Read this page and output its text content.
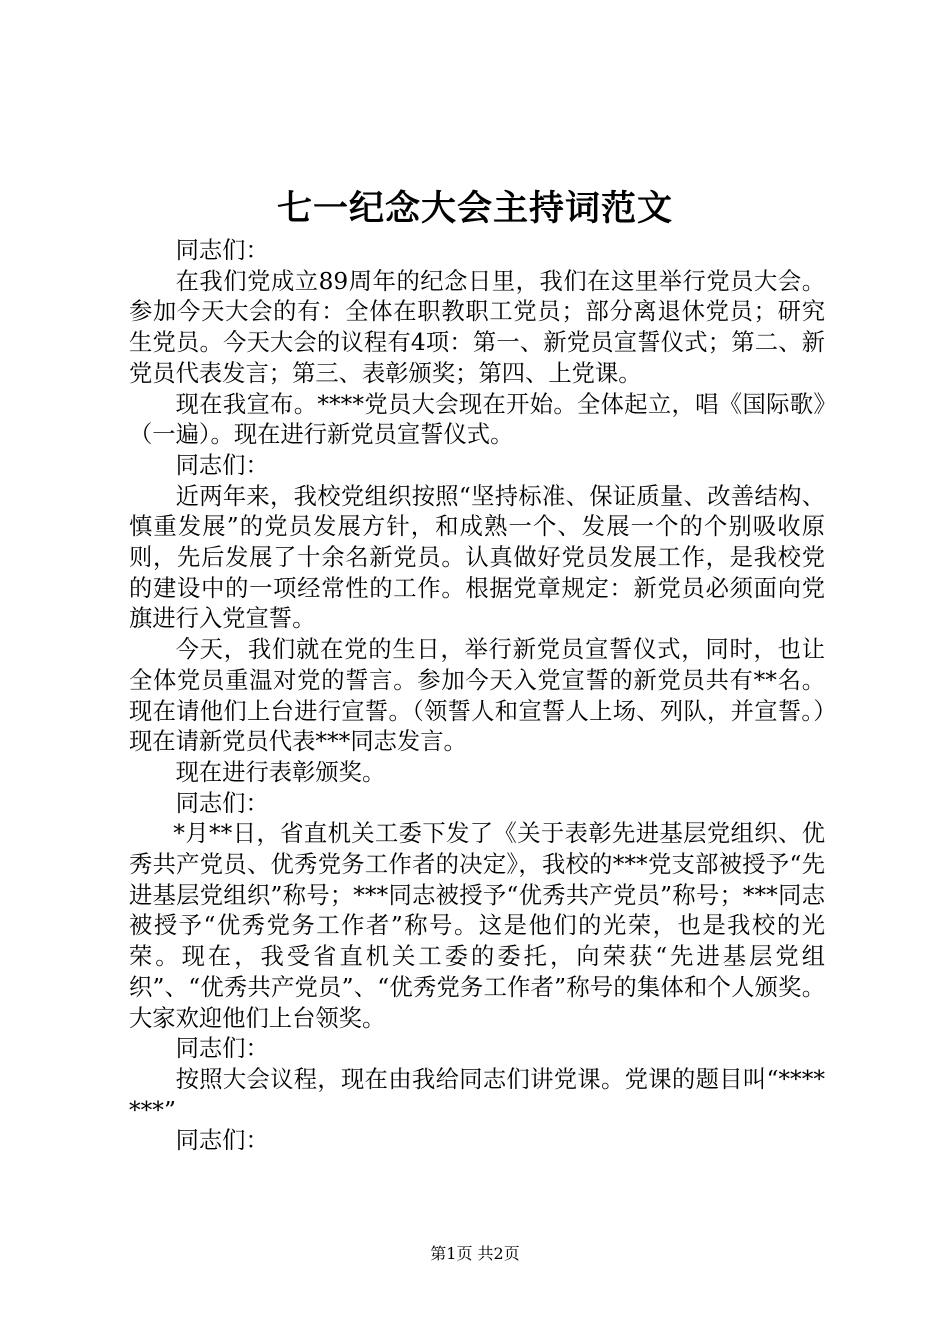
七一纪念大会主持词范文

同志们：

在我们党成立89周年的纪念日里，我们在这里举行党员大会。参加今天大会的有：全体在职教职工党员；部分离退休党员；研究生党员。今天大会的议程有4项：第一、新党员宣誓仪式；第二、新党员代表发言；第三、表彰颁奖；第四、上党课。

现在我宣布。****党员大会现在开始。全体起立，唱《国际歌》（一遍）。现在进行新党员宣誓仪式。

同志们：

近两年来，我校党组织按照“坚持标准、保证质量、改善结构、慎重发展”的党员发展方针，和成熟一个、发展一个的个别吸收原则，先后发展了十余名新党员。认真做好党员发展工作，是我校党的建设中的一项经常性的工作。根据党章规定：新党员必须面向党旗进行入党宣誓。

今天，我们就在党的生日，举行新党员宣誓仪式，同时，也让全体党员重温对党的誓言。参加今天入党宣誓的新党员共有**名。现在请他们上台进行宣誓。（领誓人和宣誓人上场、列队，并宣誓。）现在请新党员代表***同志发言。

现在进行表彰颁奖。

同志们：

*月**日，省直机关工委下发了《关于表彰先进基层党组织、优秀共产党员、优秀党务工作者的决定》，我校的***党支部被授予“先进基层党组织”称号；***同志被授予“优秀共产党员”称号；***同志被授予“优秀党务工作者”称号。这是他们的光荣，也是我校的光荣。现在，我受省直机关工委的委托，向荣获“先进基层党组织”、“优秀共产党员”、“优秀党务工作者”称号的集体和个人颁奖。大家欢迎他们上台领奖。

同志们：

按照大会议程，现在由我给同志们讲党课。党课的题目叫“*******”

同志们：

第1页 共2页
